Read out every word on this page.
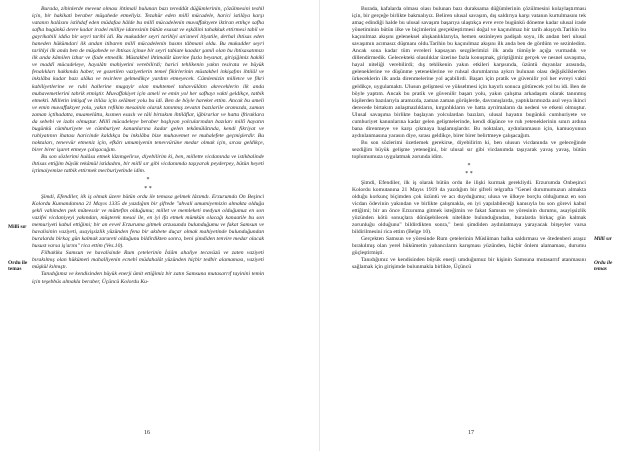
Millî sır
Ordu ile
temas

Burada, zihinlerde meveut olması ihtimali bulunan bazı tereddüt düğümlerinin, çözülmesini teshil için, bir hakikati beraber müşahede etmeliyiz. Tezahür eden millî mücadele, harici istilâya karşı vatanın halâsını istihdaf eden müdafaa hâlde bu millî mücadelenin muvaffakıyete iktiran ettikçe safha safha bugünkü devre kadar iradei milliye idaresinin bütün esasat ve eşkâlini tahakkuk ettirmesi tabiî ve gayrikabili iddia bir seyri tarihî idi. Bu mukadder seyri tarihîyi an'anevî itiyatile, derhal ihtisas eden haneden hükümdari ilk andan itibaren millî mücadelenin hasmı tâbmani oldu. Bu mukadder seyri tarihîyi ilk anda ben de müşahede ve ihtisas içinae bir seyri tabiate kaadar şamil olan bu ihtisasatımızı ilk anda kâmilen izhar ve ifade etmedik. Müstakbel ihtimalât üzerine fazla beyanat, girişiğimiz hakikî ve maddî mücadeleye, hayalâtı mahiyetini verebilirdi; harici tehlikenin yakın tesirata ve büyük fenalıkları hakkında haber, ve gozetilen vaziyetlerin temel fikirlerinin müstakbel inkişafını ihtilâl ve inkılâba kadar bazı alâka ve tesirlere gelmedikçe yardım etmeyecek. Cümlemizin milletce ve fikri kabiliyetlerine ve ruhi hallerine mugayir olan muhtemel tahavvülâtın akreceklerin ilk anda muhavemetlerini tahrik etmiştir. Muvaffakiyet için ameli ve emin yol her safhayı vakti geldikçe, tatbik etmekti. Milletin inkişaf ve itilâsı için selâmet yolu bu idi. Ben de böyle hareket ettim. Ancak bu ameli ve emin muvaffakıyet yolu, yakın refikim mesainin olarak tanınmış zevatın bazılarile aramızda, zaman zaman içtihadatta, muamelâtta, kısmen esaslı ve tâli birtakım ihtilâflar, iğbirarlar ve hatta iftiraklara da sebebi ve izahı olmuştur. Millî mücadeleye beraber başlıyan yolcularından bazıları millî hayatın bugünkü cümhuriyete ve cümhuriyet kanunlarına kadar gelen tekâmülâtında, kendi fikriyat ve ruhiyatının ihatası haricinde kaldıkça bu inkılâba bize muhavemet ve muhalefete geçmişlerdir. Bu noktaları, tenevvür etmeniz için, efkârı umumiyenin tenevvürüne medar olmak için, sırası geldikçe, birer birer işaret etmeye çalışacağım.

Bu son sözlerimi hulâsa etmek lâzımgelirse, diyebilirim ki, ben, millette vicdanında ve istikbalinde ihtisas ettiğim büyük tekâmül istidadını, bir millî sır gibi vicdanımda taşıyarak peyderpey, bütün heyeti içtimaiyemize tatbik ettirmek mecburiyetinde idim.

*
* *

Şimdi, Efendiler, ilk iş olmak üzere bütün ordu ile temasa gelmek lâzımdı. Erzurumda On Beşinci Kolordu Kumandanına 21 Mayıs 1335 de yazdığım bir şifrede "ahvali umumiyemizin almakta olduğu şekli vahimden pek müteessir ve müttefim olduğumu; millet ve memleketi medyun olduğumuz en son vazifei vicdaniyeyi yakından, müşterek mesai ile, en iyi ifa etmek mümkün olacağı kanaatile bu son memuriyeti kabul ettiğimi; bir an evvel Erzuruma gitmek arzusunda bulunduğumu ve fakat Samsun ve havalisinin vaziyeti, asayişsizlik yüzünden fena bir akıbete duçar olmak mahiyetinde bulunduğundan buralarda birkaç gün kalmak zarureti olduğunu bildirdikten sonra, beni şimdiden tenvire medar olacak husust varsa iş'arını" rica ettim (Ves.10).

Filhakika Samsun ve havalisinde Rum çetelerinin İslâm ahaliye tecavüzü ve zaten vaziyeti bırakılmış olan hükümeti mahalliyenin ecnebî müdahalât yüzünden hiçbir tedbir alamaması, vaziyeti müşkül kılmıştı.

Tanıdığımız ve kendisinden büyük enerji ümit ettiğimiz bir zatın Samsuna mutasarrıf tayinini temin için teşebbüs almakla beraber, Üçüncü Kolordu Ku-

16
Millî sır
Ordu ile
temas

Burada, kafalarda olması olası bulunan bazı duraksama düğümlerinin çözülmesini kolaylaştırması için, bir gerçeğe birlikte bakmalıyız. Beliren ulusal savaşım, dış saldırıya karşı vatanın kurtulmasını tek amaç edindiği halde bu ulusal savaşım başarıya ulaştıkça evre evre bugünkü döneme kadar ulusal irade yönetiminin bütün ilke ve biçimlerini gerçekleştirmesi doğal ve kaçınılmaz bir tarih akışıydı.Tarihin bu kaçınılmaz akışını geleneksel alışkanlıklarıyla, hemen sezinleyen padişah soyu, ilk andan beri ulusal savaşımın acımasız düşmanı oldu.Tarihin bu kaçınılmaz akışını ilk anda ben de gördüm ve sezinledim. Ancak sona kadar tüm evreleri kapsayan sezgilerimizi ilk anda tümüyle açığa vurmadık ve dillendirmedik. Gelecekteki olasılıklar üzerine fazla konuşmak, giriştiğimiz gerçek ve nesnel savaşıma, hayal niteliği verebilirdi; dış tehlikenin yakın etkileri karşısında, üzüntü duyanlar arasında, geleneklerine ve düşünme yeteneklerine ve ruhsal durumlarına aykırı bulunan olası değişikliklerden ürkeceklerin ilk anda direnmelerine yol açabilirdi. Başarı için pratik ve güvenilir yol her evreyi vakti geldikçe, uygulamaktı. Ulusun gelişmesi ve yükselmesi için hayırlı sonuca götürecek yol bu idi. Ben de böyle yaptım. Ancak bu pratik ve güvenilir başarı yolu, yakın çalışma arkadaşım olarak tanınmış kişilerden bazılarıyla aramızda, zaman zaman görüşlerde, davranışlarda, yaptıklarımızda asıl veya ikinci derecede birtakım anlaşmazlıkların, kırgınlıkların ve hatta ayrılmaların da nedeni ve etkeni olmuştur. Ulusal savaşıma birlikte başlayan yolculardan bazıları, ulusal hayatın bugünkü cumhuriyete ve cumhuriyet kanunlarına kadar gelen gelişmelerinde, kendi düşünce ve ruh yeteneklerinin sınırı ardına bana direnmeye ve karşı çıkmaya başlamışlardır. Bu noktaları, aydınlanmasın için, kamuoyunun aydınlanmasına yarasın diye, sırası geldikçe, birer birer belirtmeye çalışacağım.

Bu son sözlerimi özetlemek gerekirse, diyebilirim ki, ben ulusun vicdanında ve geleceğinde sezdiğim büyük gelişme yeteneğini, bir ulusal sır gibi vicdanımda taşıyarak yavaş yavaş, bütün toplumumuza uygulatmak zorunda idim.

*
* *

Şimdi, Efendiler, ilk iş olarak bütün ordu ile ilişki kurmak gerekliydi. Erzurumda Onbeşinci Kolordu komutanına 21 Mayıs 1919 da yazdığım bir şifreli telgrafta "Genel durumumuzun almakta olduğu korkunç biçimden çok üzüntü ve acı duyduğumu; ulusa ve ülkeye borçlu olduğumuz en son vicdan ödevinin yakından ve birlikte çalışmakla, en iyi yapılabileceği kanısıyla bu son görevi kabul ettiğimi; bir an önce Erzuruma gitmek isteğimin ve fakat Samsun ve yöresinin durumu, asayişsizlik yüzünden kötü sonuçlara dönüşebilecek nitelikte bulunduğundan, buralarda birkaç gün kalmak zorunluğu olduğunu" bildirdikten sonra," beni şimdiden aydınlatmaya yarayacak birşeyler varsa bildirilmesini rica ettim (Belge 10).

Gerçekten Samsun ve yöresinde Rum çetelerinin Müslüman halka saldırması ve ötedenberi araşız bırakılmış olan yerel hükümetin yabancıların karışması yüzünden, hiçbir önlem alamaması, durumu güçleştirmişti.

Tanıdığımız ve kendisinden büyük enerji umduğumuz bir kişinin Samsuna mutasarrıf atanmasını sağlamak için girişimde bulunmakla birlikte, Üçüncü

17
